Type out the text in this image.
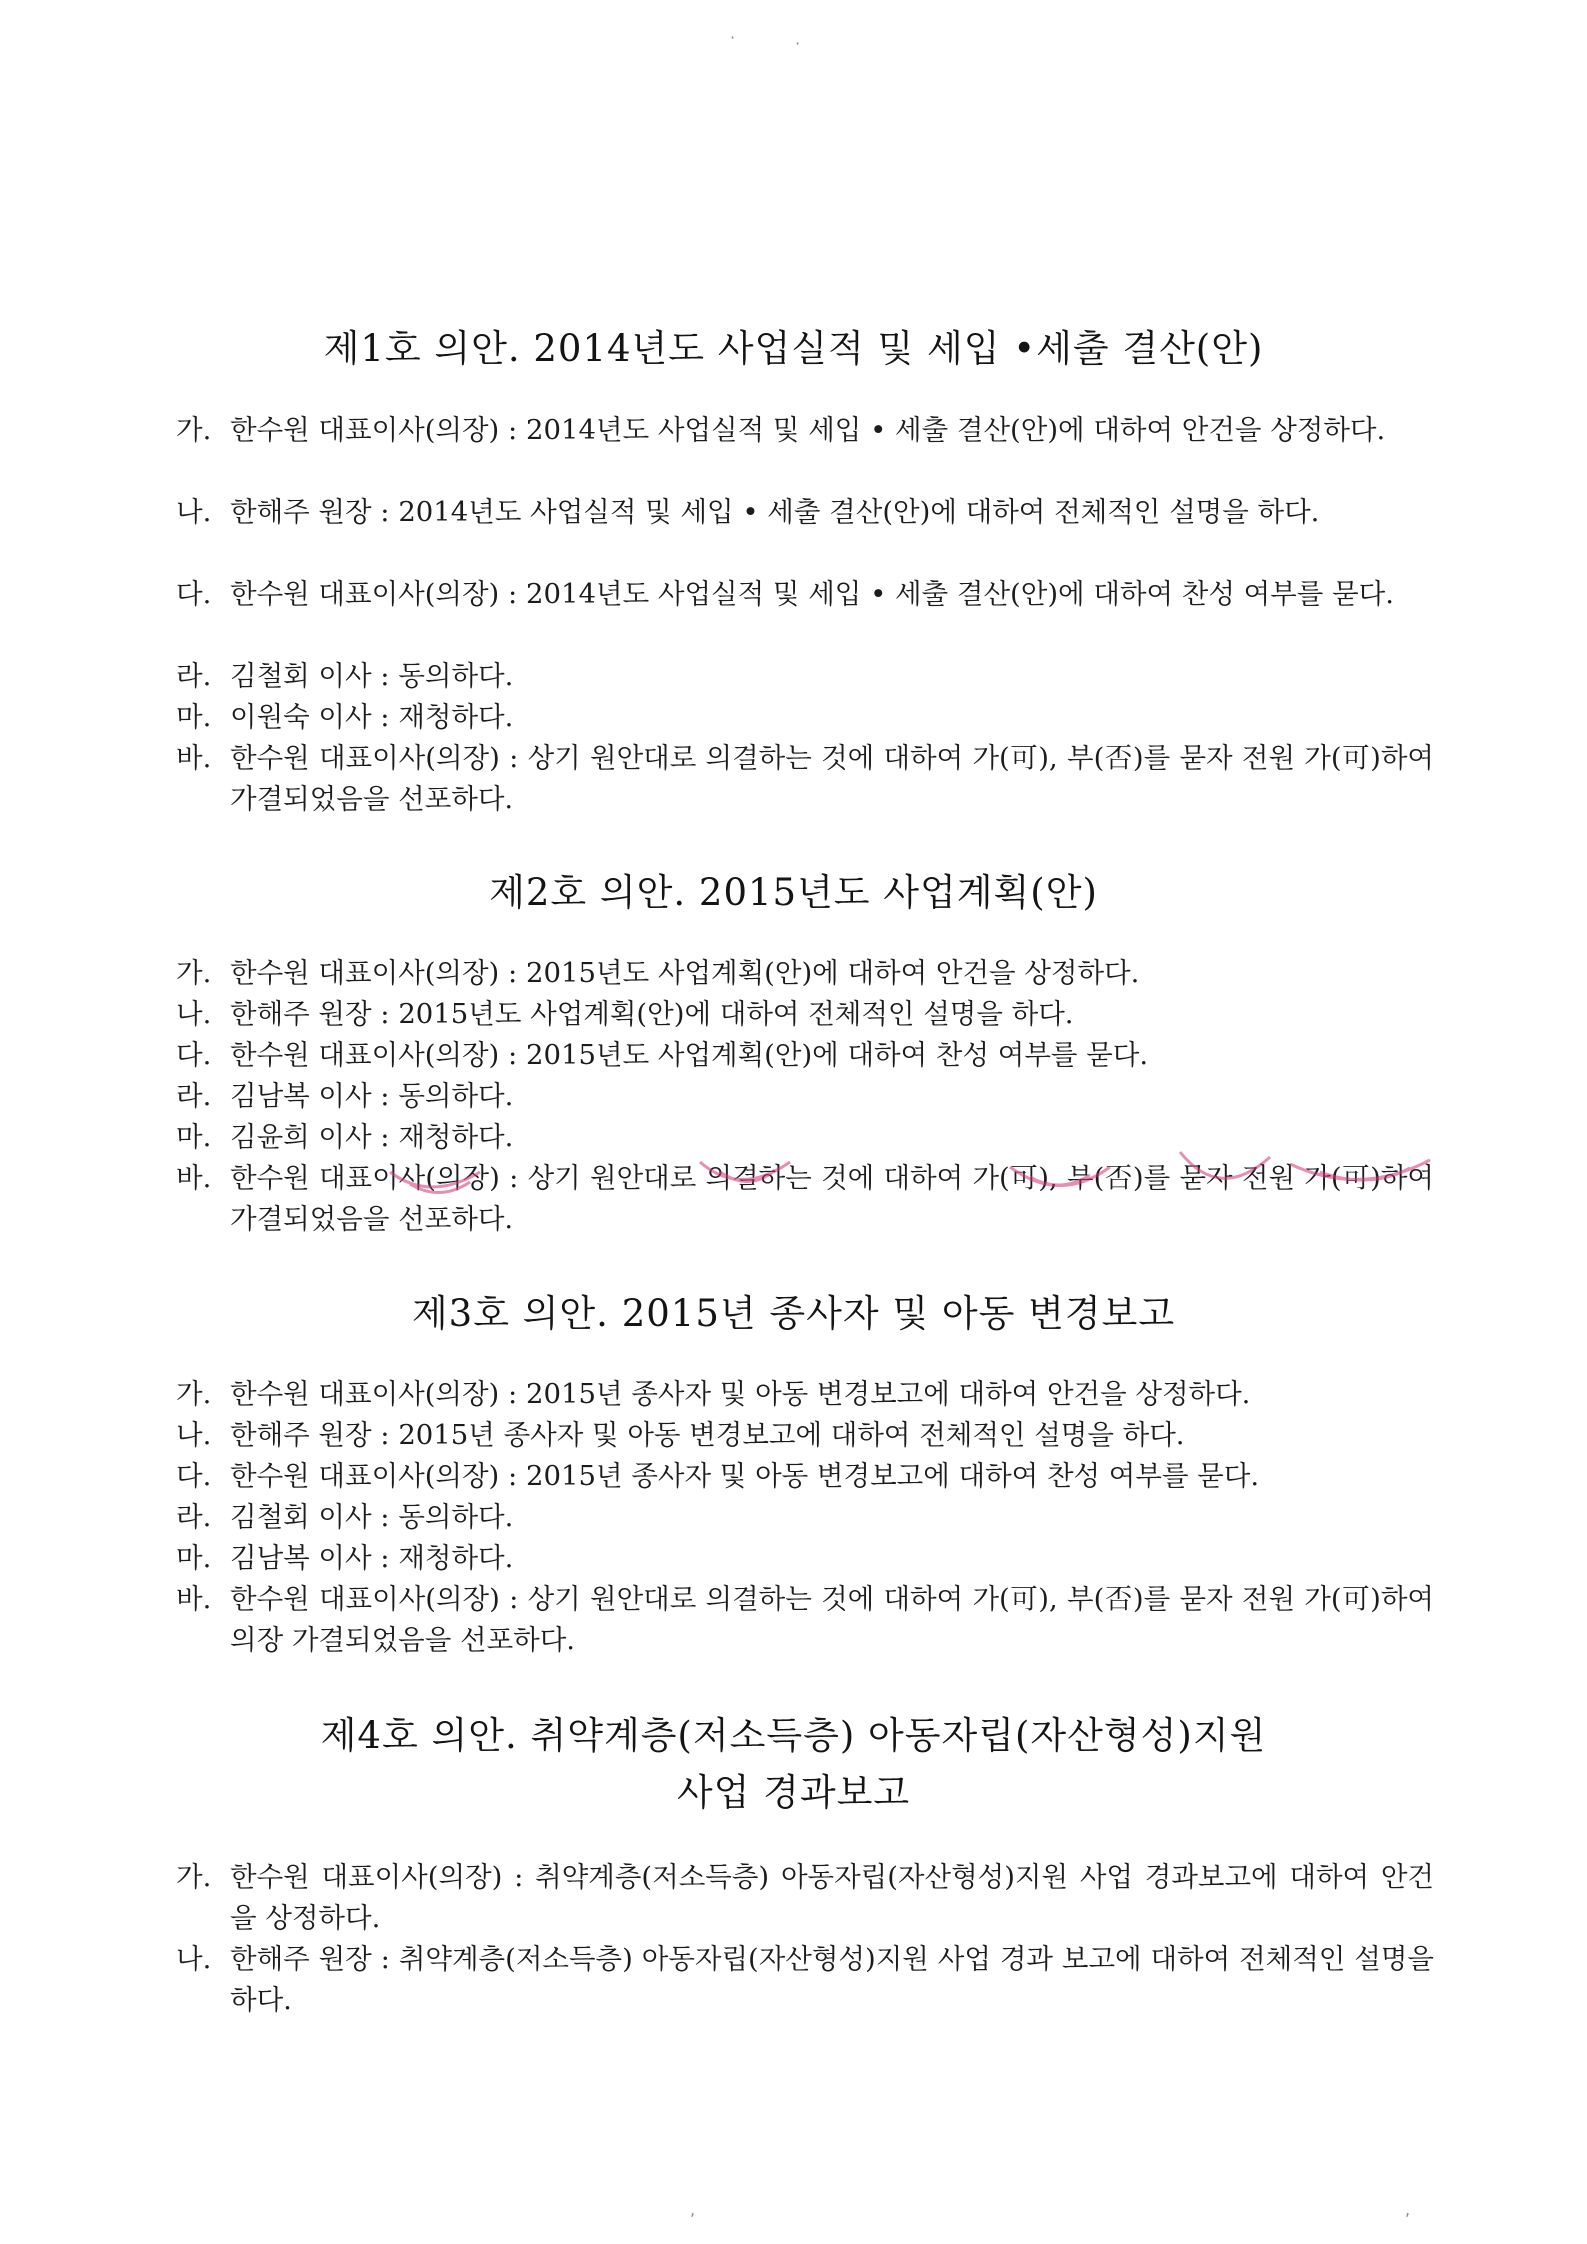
·	·
제1호 의안. 2014년도 사업실적 및 세입 •세출 결산(안)
가. 한수원 대표이사(의장) : 2014년도 사업실적 및 세입 • 세출 결산(안)에 대하여 안건을 상정하다.
나. 한해주 원장 : 2014년도 사업실적 및 세입 • 세출 결산(안)에 대하여 전체적인 설명을 하다.
다. 한수원 대표이사(의장) : 2014년도 사업실적 및 세입 • 세출 결산(안)에 대하여 찬성 여부를 묻다.
라. 김철회 이사 : 동의하다.
마. 이원숙 이사 : 재청하다.
바. 한수원 대표이사(의장) : 상기 원안대로 의결하는 것에 대하여 가(可), 부(否)를 묻자 전원 가(可)하여 가결되었음을 선포하다.
제2호 의안. 2015년도 사업계획(안)
가. 한수원 대표이사(의장) : 2015년도 사업계획(안)에 대하여 안건을 상정하다.
나. 한해주 원장 : 2015년도 사업계획(안)에 대하여 전체적인 설명을 하다.
다. 한수원 대표이사(의장) : 2015년도 사업계획(안)에 대하여 찬성 여부를 묻다.
라. 김남복 이사 : 동의하다.
마. 김윤희 이사 : 재청하다.
바. 한수원 대표이사(의장) : 상기 원안대로 의결하는 것에 대하여 가(可), 부(否)를 묻자 전원 가(可)하여 가결되었음을 선포하다.
제3호 의안. 2015년 종사자 및 아동 변경보고
가. 한수원 대표이사(의장) : 2015년 종사자 및 아동 변경보고에 대하여 안건을 상정하다.
나. 한해주 원장 : 2015년 종사자 및 아동 변경보고에 대하여 전체적인 설명을 하다.
다. 한수원 대표이사(의장) : 2015년 종사자 및 아동 변경보고에 대하여 찬성 여부를 묻다.
라. 김철회 이사 : 동의하다.
마. 김남복 이사 : 재청하다.
바. 한수원 대표이사(의장) : 상기 원안대로 의결하는 것에 대하여 가(可), 부(否)를 묻자 전원 가(可)하여 의장 가결되었음을 선포하다.
제4호 의안. 취약계층(저소득층) 아동자립(자산형성)지원
사업 경과보고
가. 한수원 대표이사(의장) : 취약계층(저소득층) 아동자립(자산형성)지원 사업 경과보고에 대하여 안건을 상정하다.
나. 한해주 원장 : 취약계층(저소득층) 아동자립(자산형성)지원 사업 경과 보고에 대하여 전체적인 설명을 하다.
,	,
